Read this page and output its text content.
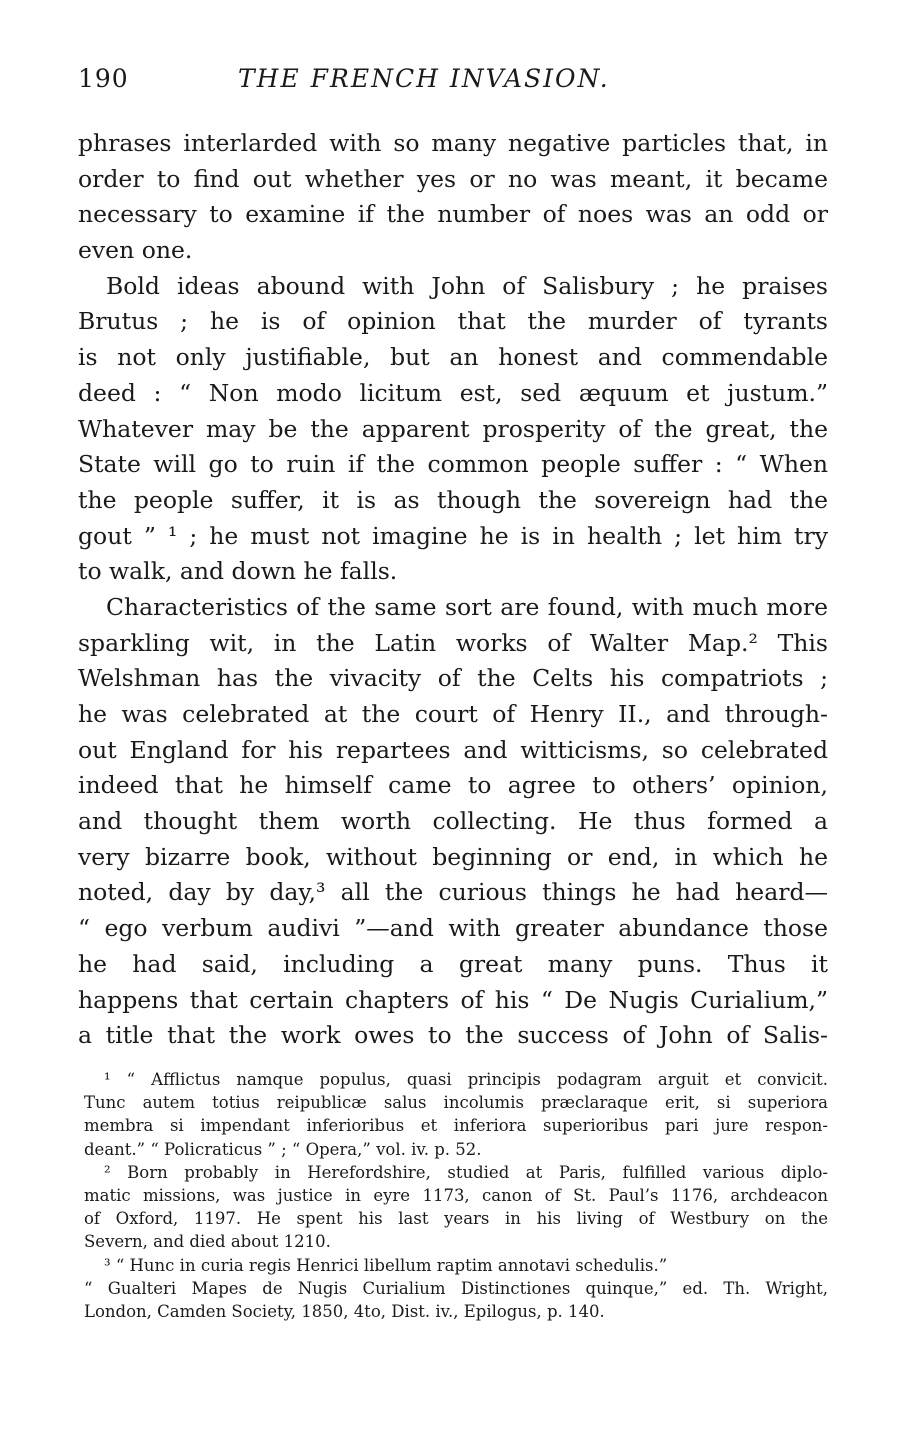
190	THE FRENCH INVASION.
phrases interlarded with so many negative particles that, in
order to find out whether yes or no was meant, it became
necessary to examine if the number of noes was an odd or
even one.
Bold ideas abound with John of Salisbury ; he praises
Brutus ; he is of opinion that the murder of tyrants
is not only justifiable, but an honest and commendable
deed : “ Non modo licitum est, sed æquum et justum.”
Whatever may be the apparent prosperity of the great, the
State will go to ruin if the common people suffer : “ When
the people suffer, it is as though the sovereign had the
gout ” ¹ ; he must not imagine he is in health ; let him try
to walk, and down he falls.
Characteristics of the same sort are found, with much more
sparkling wit, in the Latin works of Walter Map.² This
Welshman has the vivacity of the Celts his compatriots ;
he was celebrated at the court of Henry II., and through-
out England for his repartees and witticisms, so celebrated
indeed that he himself came to agree to others’ opinion,
and thought them worth collecting. He thus formed a
very bizarre book, without beginning or end, in which he
noted, day by day,³ all the curious things he had heard—
“ ego verbum audivi ”—and with greater abundance those
he had said, including a great many puns. Thus it
happens that certain chapters of his “ De Nugis Curialium,”
a title that the work owes to the success of John of Salis-
¹ “ Afflictus namque populus, quasi principis podagram arguit et convicit.
Tunc autem totius reipublicæ salus incolumis præclaraque erit, si superiora
membra si impendant inferioribus et inferiora superioribus pari jure respon-
deant.” “ Policraticus ” ; “ Opera,” vol. iv. p. 52.
² Born probably in Herefordshire, studied at Paris, fulfilled various diplo-
matic missions, was justice in eyre 1173, canon of St. Paul’s 1176, archdeacon
of Oxford, 1197. He spent his last years in his living of Westbury on the
Severn, and died about 1210.
³ “ Hunc in curia regis Henrici libellum raptim annotavi schedulis.”
“ Gualteri Mapes de Nugis Curialium Distinctiones quinque,” ed. Th. Wright,
London, Camden Society, 1850, 4to, Dist. iv., Epilogus, p. 140.
